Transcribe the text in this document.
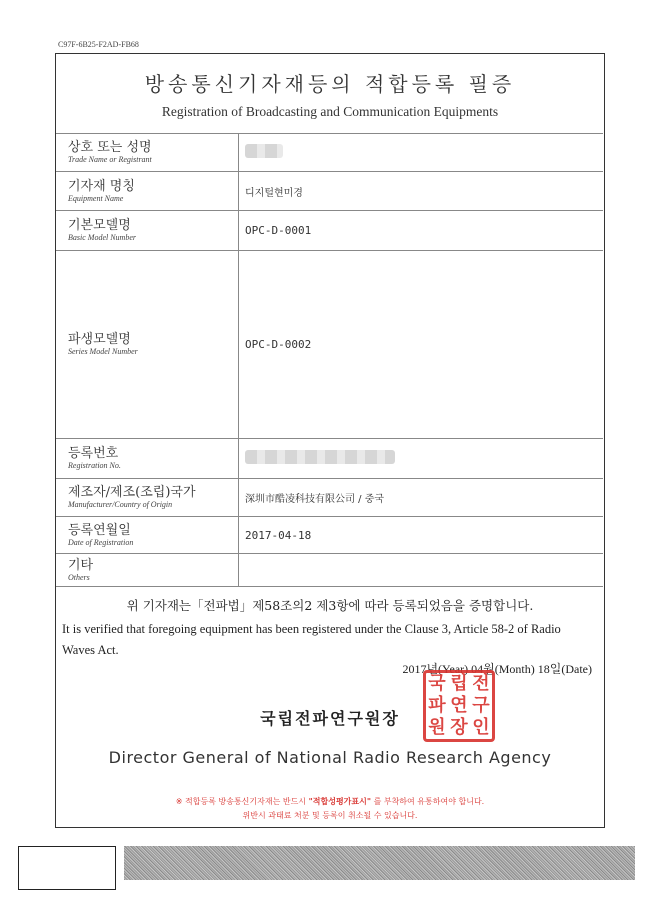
C97F-6B25-F2AD-FB68
방송통신기자재등의 적합등록 필증
Registration of Broadcasting and Communication Equipments
상호 또는 성명
Trade Name or Registrant	

기자재 명칭
Equipment Name	디지털현미경

기본모델명
Basic Model Number	OPC-D-0001

파생모델명
Series Model Number	OPC-D-0002

등록번호
Registration No.	

제조자/제조(조립)국가
Manufacturer/Country of Origin	深圳市酷凌科技有限公司 / 중국

등록연월일
Date of Registration	2017-04-18

기타
Others	

위 기자재는「전파법」제58조의2 제3항에 따라 등록되었음을 증명합니다.
It is verified that foregoing equipment has been registered under the Clause 3, Article 58-2 of Radio Waves Act.
2017년(Year) 04월(Month) 18일(Date)
국 립 전
파 연 구
원 장 인
국립전파연구원장
Director General of National Radio Research Agency
※ 적합등록 방송통신기자재는 반드시 "적합성평가표시" 를 부착하여 유통하여야 합니다.
위반시 과태료 처분 및 등록이 취소될 수 있습니다.
